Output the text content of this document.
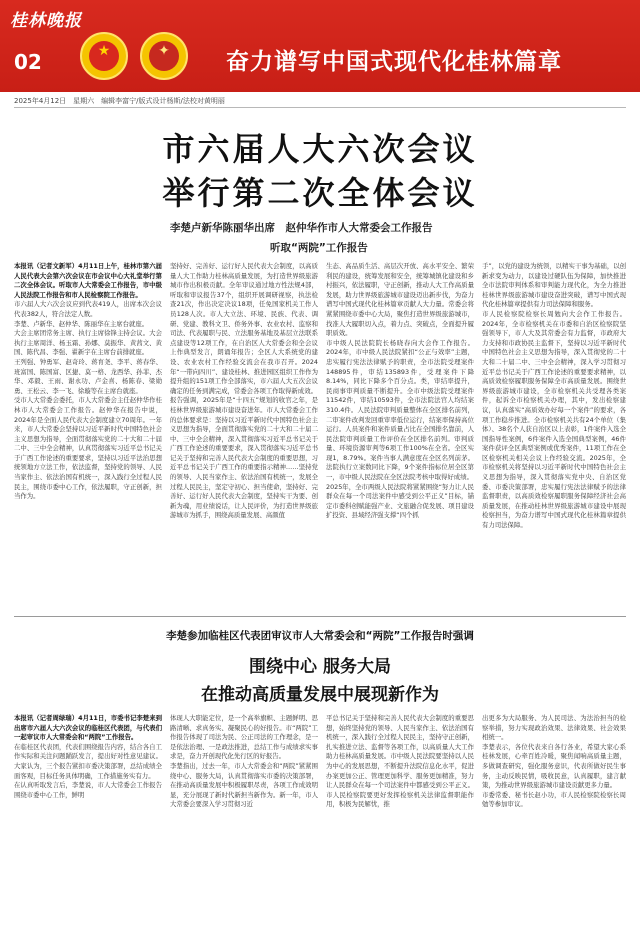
桂林晚报
02	★	✦	奋力谱写中国式现代化桂林篇章
2025年4月12日　星期六　编辑李富宁/版式设计杨斯/法校对黄明丽
市六届人大六次会议
举行第二次全体会议
李楚卢新华陈丽华出席　赵仲华作市人大常委会工作报告
听取“两院”工作报告
本报讯（记者文新军）4月11日上午，桂林市第六届人民代表大会第六次会议在市会议中心大礼堂举行第二次全体会议。听取市人大常委会工作报告，市中级人民法院工作报告和市人民检察院工作报告。
市六届人大六次会议应到代表419人，出席本次会议代表382人，符合法定人数。
李楚、卢新华、赵仲华、陈丽华在主席台就座。
大会主席团常务主席、执行主席徐锋主持会议。大会执行主席周洋、杨玉霜、孙娜、莫振华、黄茜文、黄国、陈代昌、李强、翟新宇在主席台前排就座。
王列强、钟勇军、赵奇玲、蒋育尧、李平、蒋春华、班富国、陈国富、区捷、莫一格、龙西华、孙菲、杰华、邓毅、王雨、谢永功、卢金喜、杨陈春、梁勋勇、王松云、李一飞、徐璇等在主席台就座。
受市人大常委会委托，市人大常委会主任赵仲华作桂林市人大常委会工作报告。赵仲华在报告中说，2024年是全面人民代表大会制度建立70周年。一年来，市人大常委会坚持以习近平新时代中国特色社会主义思想为指导，全面贯彻落实党的二十大和二十届二中、三中全会精神，认真贯彻落实习近平总书记关于广西工作论述的重要要求，坚持以习近平法治思想统领地方立法工作，依法监督，坚持党的领导、人民当家作主、依法治国有机统一，深入践行全过程人民民主，围绕市委中心工作，依法履职，守正创新，担当作为。
坚持好、完善好、运行好人民代表大会制度，以高质量人大工作助力桂林高质量发展，为打造世界级旅游城市作出积极贡献。全年审议通过地方性法规4部，听取和审议报告37个，组织开展调研视察，执法检查21次，作出决定决议18项，任免国家机关工作人员128人次。市人大立法、环境、民族、代表、调研、党建、教科文卫、侨务外事、农业农村、监察和司法、代表履职与民、立法服务基地及基层立法联系点建设等12项工作，在自治区人大常委会和全会议上作典型发言，朗诵年报告；全区人大系统党的建设、农业农村工作经验交流会在我市召开。2024年“一带向四川”、建设桂林、推进园区组织工作作为提升组的151项工作全部落实，市六届人大五次会议确定的任务到满完成，常委会各项工作取得新成效。
报告强调，2025年是“十四五”规划的收官之年，是桂林世界级旅游城市建设奋进年。市人大常委会工作的总体要求是：坚持以习近平新时代中国特色社会主义思想为指导，全面贯彻落实党的二十大和二十届二中、三中全会精神，深入贯彻落实习近平总书记关于广西工作论述的重要要求，深入贯彻落实习近平总书记关于坚持和完善人民代表大会制度的重要思想，习近平总书记关于广西工作的重要指示精神……坚持党的领导、人民当家作主、依法治国有机统一，发展全过程人民民主，坚定守初心、担当使命，坚持好、完善好、运行好人民代表大会制度，坚持实干为要、创新为魂，用业绩说话，让人民评价，为打造世界级旅游城市为抓手，围绕高质量发展、高颜值
生态、高品质生活、高层次开放、高水平安全、繁荣利民的建设，统筹发展和安全，统筹城镇化建设和乡村振兴，依法履职，守正创新，推动人大工作高质量发展，助力世界级旅游城市建设迈出新步伐，为奋力谱写中国式现代化桂林篇章贡献人大力量。常委会将紧紧围绕市委中心大局，聚焦打造世界级旅游城市，找准人大履职切入点，着力点、突破点，全面提升履职质效。
市中级人民法院院长杨晓春向大会作工作报告。2024年，市中级人民法院紧扣“公正与效率”主题，忠实履行宪法法律赋予的职责，全市法院受理案件148895件，审结135893件，受理案件下降8.14%，同比下降多个百分点。类，审结率提升，民商事审判质量不断提升。全市中级法院受理案件11542件，审结10593件，全市法院法官人均结案310.4件。人民法院审判质量整体在全区排名前列，二审案件改判发回重审率低位运行，结案率保持高位运行。人员案件和案件质量占比在全国排名靠前，人民法院审判质量工作评价在全区排名前列。审判质量、环境资源审判等6项工作100%在全省。全区实现1，8.79%。案件当事人满意度在全区名列前茅。法院执行立案数同比下降，9个案件指标位居全区第一，市中级人民法院在全区法院考核中取得好成绩。
2025年，全市两级人民法院将紧紧围绕“努力让人民群众在每一个司法案件中感受到公平正义”目标，锚定市委科创赋能强产业、文旅融合促发展、项目建设扩投资、县域经济强支撑“四个抓
手”，以党的建设为统领，以精实干事为基础，以创新求变为动力，以建设过硬队伍为保障，加快推进全市法院审判体系和审判能力现代化，为全力推进桂林世界级旅游城市建设奋进突破，谱写中国式现代化桂林篇章提供有力司法保障和服务。
市人民检察院检察长周勉向大会作工作报告。2024年，全市检察机关在市委和自治区检察院坚强领导下，市人大及其常委会有力监督，市政府大力支持和市政协民主监督下，坚持以习近平新时代中国特色社会主义思想为指导，深入贯彻党的二十大和二十届二中、三中全会精神，深入学习贯彻习近平总书记关于广西工作论述的重要要求精神，以高质效检察履职服务保障全市高质量发展。围绕世界级旅游城市建设，全市检察机关共受理各类案件，起诉全市检察机关办理，其中，发出检察建议，认真落实“高质效办好每一个案件”的要求，各项工作稳步推进。全市检察机关共有24个单位（集体）、38名个人获自治区以上表彰，1件案件入选全国指导性案例，6件案件入选全国典型案例，46件案件获评全区典型案例或优秀案件，11项工作在全区检察机关相关会议上作经验交流。2025年，全市检察机关将坚持以习近平新时代中国特色社会主义思想为指导，深入贯彻落实党中央、自治区党委、市委决策部署，忠实履行宪法法律赋予的法律监督职责，以高质效检察履职服务保障经济社会高质量发展，在推动桂林世界级旅游城市建设中展现检察担当，为奋力谱写中国式现代化桂林篇章提供有力司法保障。
李楚参加临桂区代表团审议市人大常委会和“两院”工作报告时强调
围绕中心 服务大局
在推动高质量发展中展现新作为
本报讯（记者周绿瑞）4月11日，市委书记李楚来到出席市六届人大六次会议的临桂区代表团，与代表们一起审议市人大常委会和“两院”工作报告。
在临桂区代表团，代表们围绕报告内容，结合各自工作实际和关注问题踊跃发言，提出好对性意见建议。大家认为，三个报告紧扣市委决策部署，总结成绩全面客观，目标任务具体明确，工作措施务实有力。
在认真听取发言后，李楚说，市人大常委会工作报告围绕市委中心工作，鲜明
体现人大职能定位，是一个高举旗帜、主题鲜明、思路清晰、求真务实、凝聚民心的好报告。市“两院”工作报告体现了司法为民、公正司法的工作理念，是一是依法治理、一是政法推进，总结工作与成绩求实事求是，奋力开创现代化先行区的好报告。
李楚指出，过去一年，市人大常委会和“两院”紧紧围绕中心、服务大局，认真贯彻落实市委的决策部署，在推动高质量发展中积极履职尽责，各项工作成效明显，充分展现了新时代新担当新作为。新一年，市人大常委会要深入学习贯彻习近
平总书记关于坚持和完善人民代表大会制度的重要思想，始终坚持党的领导、人民当家作主、依法治国有机统一，深入践行全过程人民民主，坚持守正创新，扎实推进立法、监督等各项工作，以高质量人大工作助力桂林高质量发展。市中级人民法院要坚持以人民为中心的发展思想，不断提升法院信息化水平，促进办案更加公正、管理更加科学、服务更加精准，努力让人民群众在每一个司法案件中都感受到公平正义。市人民检察院要更好发挥检察机关法律监督职能作用，积极为民解忧，推
出更多为大局服务、为人民司法、为法治担当的检察举措，努力实现政治效果、法律效果、社会效果相统一。
李楚表示，各位代表来自各行各业，希望大家心系桂林发展，心牵百姓冷暖，聚焦闻响高质量主题，多做调查研究，强化服务意识，代表所做好民生事务，主动反映民情，吸收民意，认真履职，建言献策，为推动世界级旅游城市建设贡献更多力量。
市委常委、秘书长赵小功，市人民检察院检察长周勉等参加审议。
